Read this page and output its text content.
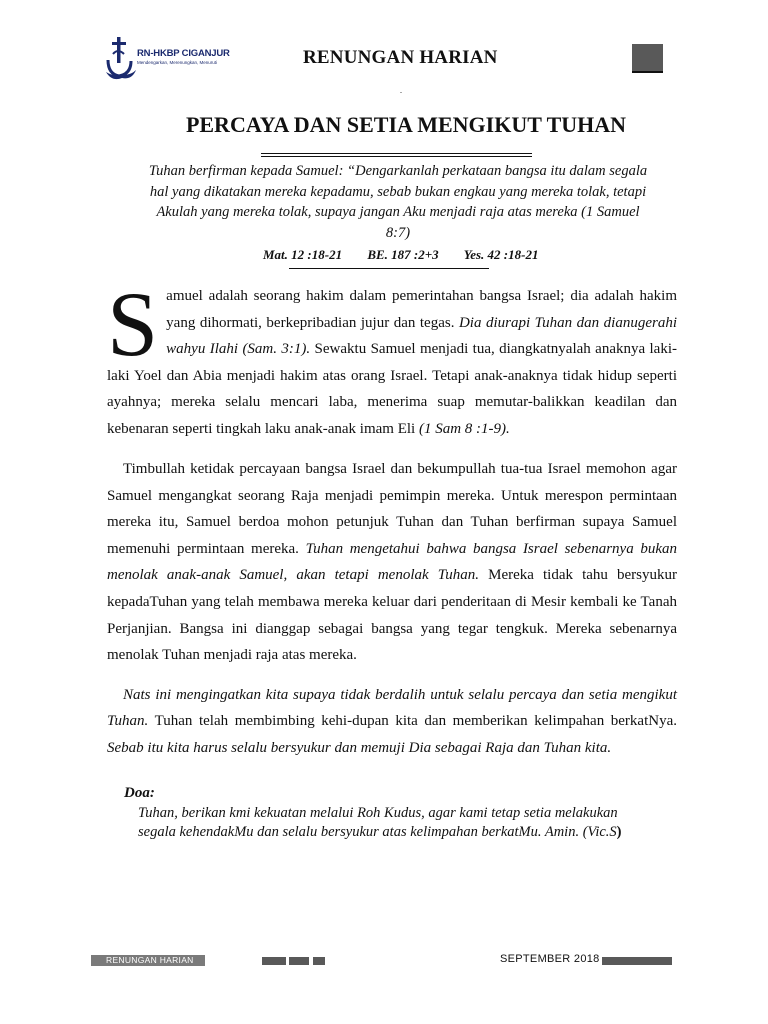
RN-HKBP CIGANJUR
Mendengarkan, Merenungkan, Menuruti	RENUNGAN HARIAN
.
PERCAYA DAN SETIA MENGIKUT TUHAN
Tuhan berfirman kepada Samuel: “Dengarkanlah perkataan bangsa itu dalam segala hal yang dikatakan mereka kepadamu, sebab bukan engkau yang mereka tolak, tetapi Akulah yang mereka tolak, supaya jangan Aku menjadi raja atas mereka (1 Samuel 8:7)
Mat. 12 :18-21 BE. 187 :2+3 Yes. 42 :18-21

Samuel adalah seorang hakim dalam pemerintahan bangsa Israel; dia adalah hakim yang dihormati, berkepribadian jujur dan tegas. Dia diurapi Tuhan dan dianugerahi wahyu Ilahi (Sam. 3:1). Sewaktu Samuel menjadi tua, diangkatnyalah anaknya laki-laki Yoel dan Abia menjadi hakim atas orang Israel. Tetapi anak-anaknya tidak hidup seperti ayahnya; mereka selalu mencari laba, menerima suap memutar-balikkan keadilan dan kebenaran seperti tingkah laku anak-anak imam Eli (1 Sam 8 :1-9).

Timbullah ketidak percayaan bangsa Israel dan bekumpullah tua-tua Israel memohon agar Samuel mengangkat seorang Raja menjadi pemimpin mereka. Untuk merespon permintaan mereka itu, Samuel berdoa mohon petunjuk Tuhan dan Tuhan berfirman supaya Samuel memenuhi permintaan mereka. Tuhan mengetahui bahwa bangsa Israel sebenarnya bukan menolak anak-anak Samuel, akan tetapi menolak Tuhan. Mereka tidak tahu bersyukur kepadaTuhan yang telah membawa mereka keluar dari penderitaan di Mesir kembali ke Tanah Perjanjian. Bangsa ini dianggap sebagai bangsa yang tegar tengkuk. Mereka sebenarnya menolak Tuhan menjadi raja atas mereka.

Nats ini mengingatkan kita supaya tidak berdalih untuk selalu percaya dan setia mengikut Tuhan. Tuhan telah membimbing kehi-dupan kita dan memberikan kelimpahan berkatNya. Sebab itu kita harus selalu bersyukur dan memuji Dia sebagai Raja dan Tuhan kita.

Doa:
Tuhan, berikan kmi kekuatan melalui Roh Kudus, agar kami tetap setia melakukan segala kehendakMu dan selalu bersyukur atas kelimpahan berkatMu. Amin. (Vic.S)
RENUNGAN HARIAN	SEPTEMBER 2018
